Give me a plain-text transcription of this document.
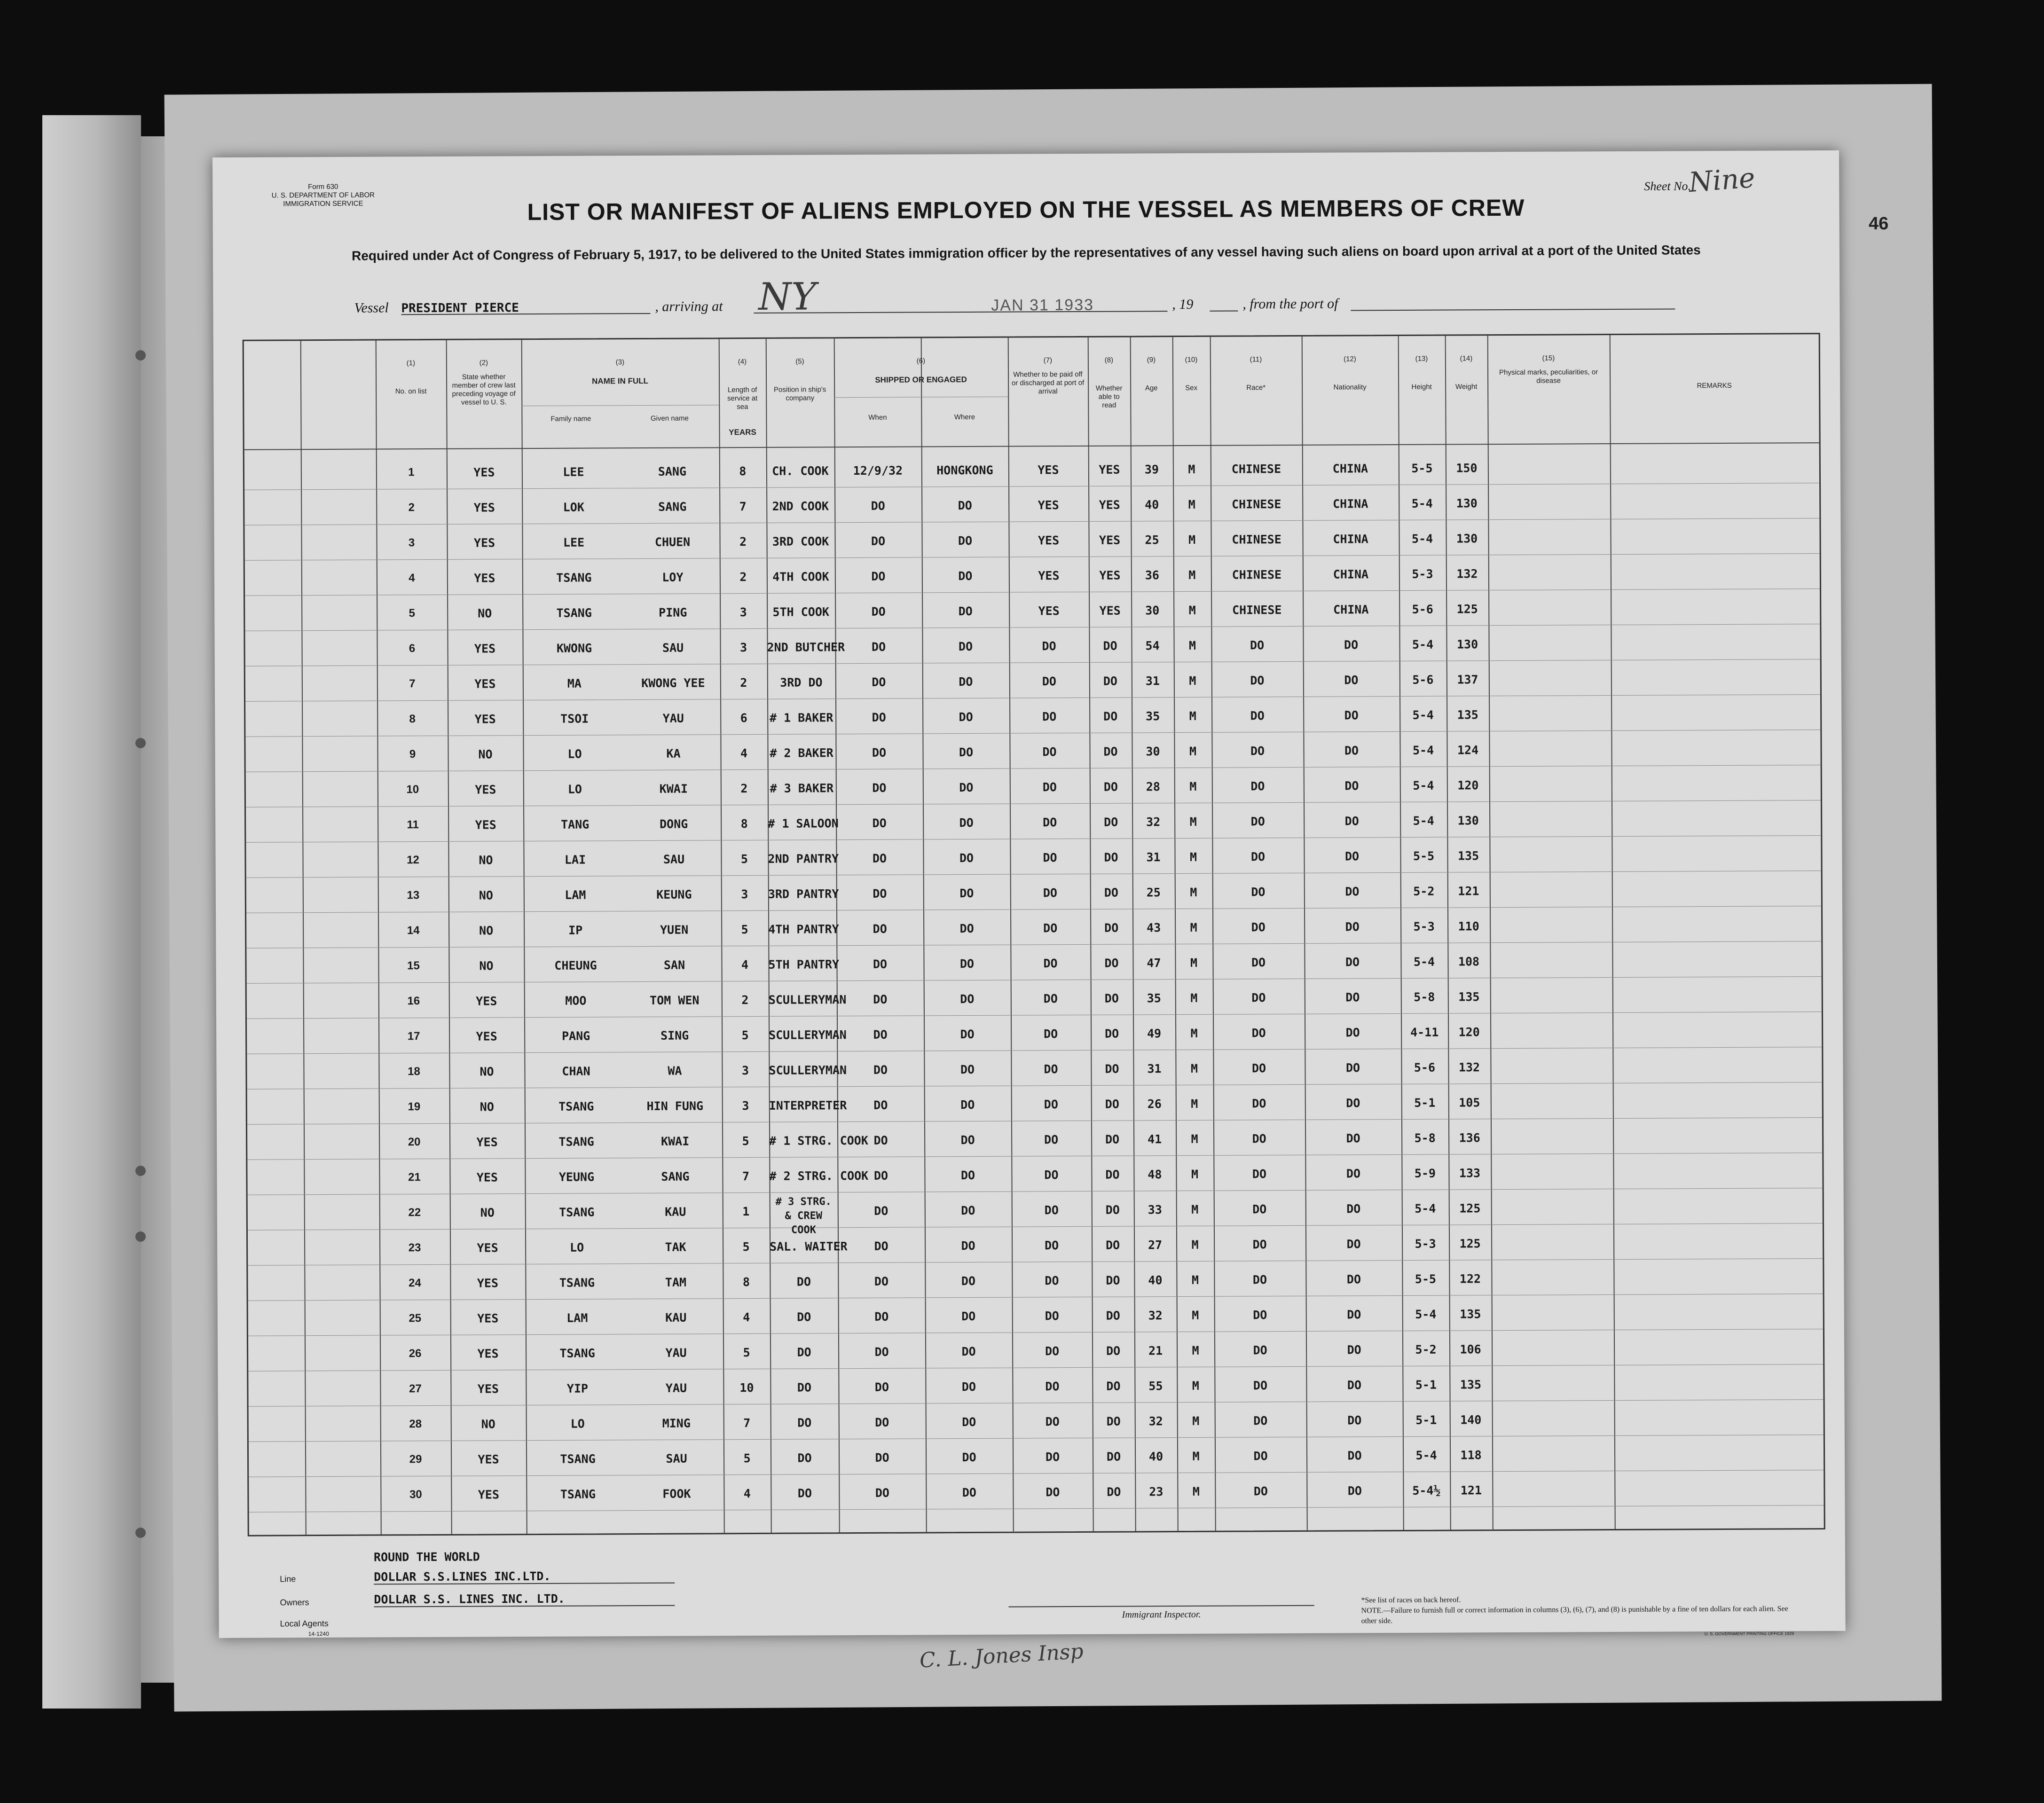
46
Form 630
U. S. DEPARTMENT OF LABOR
IMMIGRATION SERVICE
Sheet No.
Nine
LIST OR MANIFEST OF ALIENS EMPLOYED ON THE VESSEL AS MEMBERS OF CREW
Required under Act of Congress of February 5, 1917, to be delivered to the United States immigration officer by the representatives of any vessel having such aliens on board upon arrival at a port of the United States
Vessel PRESIDENT PIERCE	, arriving at NY	, 19	, from the port of
JAN 31 1933
(1)
No. on list
(2)
State whether member of crew last preceding voyage of vessel to U. S.
(3)
NAME IN FULL
Family name	Given name
(4)
Length of service at sea
YEARS
(5)
Position in ship's company
(6)
SHIPPED OR ENGAGED
When	Where
(7)
Whether to be paid off or discharged at port of arrival
(8)
Whether able to read
(9)
Age
(10)
Sex
(11)
Race*
(12)
Nationality
(13)
Height
(14)
Weight
(15)
Physical marks, peculiarities, or disease
REMARKS
1	YES	LEE	SANG	8	CH. COOK	12/9/32	HONGKONG	YES	YES	39	M	CHINESE	CHINA	5-5	150
2	YES	LOK	SANG	7	2ND COOK	DO	DO	YES	YES	40	M	CHINESE	CHINA	5-4	130
3	YES	LEE	CHUEN	2	3RD COOK	DO	DO	YES	YES	25	M	CHINESE	CHINA	5-4	130
4	YES	TSANG	LOY	2	4TH COOK	DO	DO	YES	YES	36	M	CHINESE	CHINA	5-3	132
5	NO	TSANG	PING	3	5TH COOK	DO	DO	YES	YES	30	M	CHINESE	CHINA	5-6	125
6	YES	KWONG	SAU	3	2ND BUTCHER	DO	DO	DO	DO	54	M	DO	DO	5-4	130
7	YES	MA	KWONG YEE	2	3RD DO	DO	DO	DO	DO	31	M	DO	DO	5-6	137
8	YES	TSOI	YAU	6	# 1 BAKER	DO	DO	DO	DO	35	M	DO	DO	5-4	135
9	NO	LO	KA	4	# 2 BAKER	DO	DO	DO	DO	30	M	DO	DO	5-4	124
10	YES	LO	KWAI	2	# 3 BAKER	DO	DO	DO	DO	28	M	DO	DO	5-4	120
11	YES	TANG	DONG	8	# 1 SALOON	DO	DO	DO	DO	32	M	DO	DO	5-4	130
12	NO	LAI	SAU	5	2ND PANTRY	DO	DO	DO	DO	31	M	DO	DO	5-5	135
13	NO	LAM	KEUNG	3	3RD PANTRY	DO	DO	DO	DO	25	M	DO	DO	5-2	121
14	NO	IP	YUEN	5	4TH PANTRY	DO	DO	DO	DO	43	M	DO	DO	5-3	110
15	NO	CHEUNG	SAN	4	5TH PANTRY	DO	DO	DO	DO	47	M	DO	DO	5-4	108
16	YES	MOO	TOM WEN	2	SCULLERYMAN	DO	DO	DO	DO	35	M	DO	DO	5-8	135
17	YES	PANG	SING	5	SCULLERYMAN	DO	DO	DO	DO	49	M	DO	DO	4-11	120
18	NO	CHAN	WA	3	SCULLERYMAN	DO	DO	DO	DO	31	M	DO	DO	5-6	132
19	NO	TSANG	HIN FUNG	3	INTERPRETER	DO	DO	DO	DO	26	M	DO	DO	5-1	105
20	YES	TSANG	KWAI	5	# 1 STRG. COOK DO	DO	DO	DO	41	M	DO	DO	5-8	136
21	YES	YEUNG	SANG	7	# 2 STRG. COOK DO	DO	DO	DO	48	M	DO	DO	5-9	133
22	NO	TSANG	KAU	1
# 3 STRG. & CREW COOK
DO	DO	DO	DO	33	M	DO	DO	5-4	125
23	YES	LO	TAK	5	SAL. WAITER	DO	DO	DO	DO	27	M	DO	DO	5-3	125
24	YES	TSANG	TAM	8	DO	DO	DO	DO	DO	40	M	DO	DO	5-5	122
25	YES	LAM	KAU	4	DO	DO	DO	DO	DO	32	M	DO	DO	5-4	135
26	YES	TSANG	YAU	5	DO	DO	DO	DO	DO	21	M	DO	DO	5-2	106
27	YES	YIP	YAU	10	DO	DO	DO	DO	DO	55	M	DO	DO	5-1	135
28	NO	LO	MING	7	DO	DO	DO	DO	DO	32	M	DO	DO	5-1	140
29	YES	TSANG	SAU	5	DO	DO	DO	DO	DO	40	M	DO	DO	5-4	118
30	YES	TSANG	FOOK	4	DO	DO	DO	DO	DO	23	M	DO	DO	5-4½	121
C. L. Jones Insp
ROUND THE WORLD
Line	DOLLAR S.S.LINES INC.LTD.
Owners	DOLLAR S.S. LINES INC. LTD.
Local Agents
14-1240
Immigrant Inspector.
*See list of races on back hereof.
NOTE.—Failure to furnish full or correct information in columns (3), (6), (7), and (8) is punishable by a fine of ten dollars for each alien. See other side.
U. S. GOVERNMENT PRINTING OFFICE 1929
